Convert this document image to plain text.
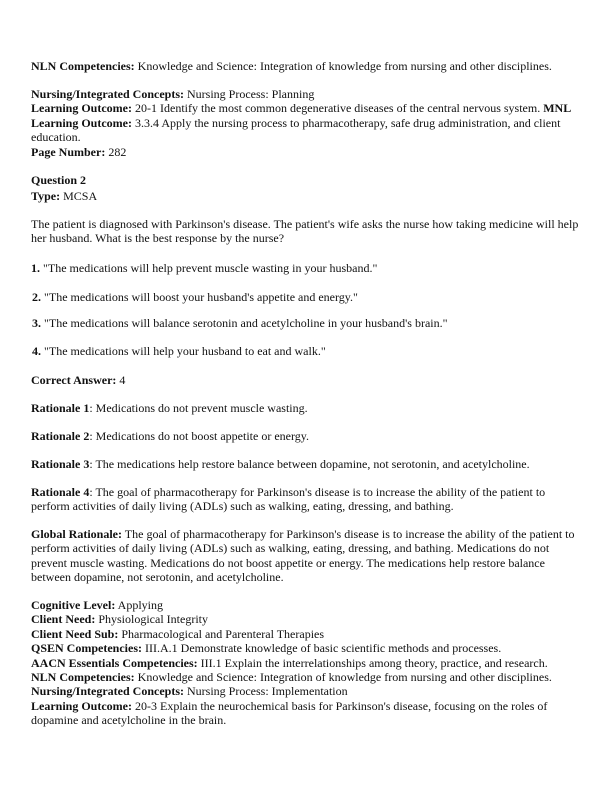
NLN Competencies: Knowledge and Science: Integration of knowledge from nursing and other disciplines.
Nursing/Integrated Concepts: Nursing Process: Planning
Learning Outcome: 20-1 Identify the most common degenerative diseases of the central nervous system. MNL
Learning Outcome: 3.3.4 Apply the nursing process to pharmacotherapy, safe drug administration, and client education.
Page Number: 282
Question 2
Type: MCSA
The patient is diagnosed with Parkinson's disease. The patient's wife asks the nurse how taking medicine will help her husband. What is the best response by the nurse?
1. "The medications will help prevent muscle wasting in your husband."
2. "The medications will boost your husband's appetite and energy."
3. "The medications will balance serotonin and acetylcholine in your husband's brain."
4. "The medications will help your husband to eat and walk."
Correct Answer: 4
Rationale 1: Medications do not prevent muscle wasting.
Rationale 2: Medications do not boost appetite or energy.
Rationale 3: The medications help restore balance between dopamine, not serotonin, and acetylcholine.
Rationale 4: The goal of pharmacotherapy for Parkinson's disease is to increase the ability of the patient to perform activities of daily living (ADLs) such as walking, eating, dressing, and bathing.
Global Rationale: The goal of pharmacotherapy for Parkinson's disease is to increase the ability of the patient to perform activities of daily living (ADLs) such as walking, eating, dressing, and bathing. Medications do not prevent muscle wasting. Medications do not boost appetite or energy. The medications help restore balance between dopamine, not serotonin, and acetylcholine.
Cognitive Level: Applying
Client Need: Physiological Integrity
Client Need Sub: Pharmacological and Parenteral Therapies
QSEN Competencies: III.A.1 Demonstrate knowledge of basic scientific methods and processes.
AACN Essentials Competencies: III.1 Explain the interrelationships among theory, practice, and research.
NLN Competencies: Knowledge and Science: Integration of knowledge from nursing and other disciplines.
Nursing/Integrated Concepts: Nursing Process: Implementation
Learning Outcome: 20-3 Explain the neurochemical basis for Parkinson's disease, focusing on the roles of dopamine and acetylcholine in the brain.
